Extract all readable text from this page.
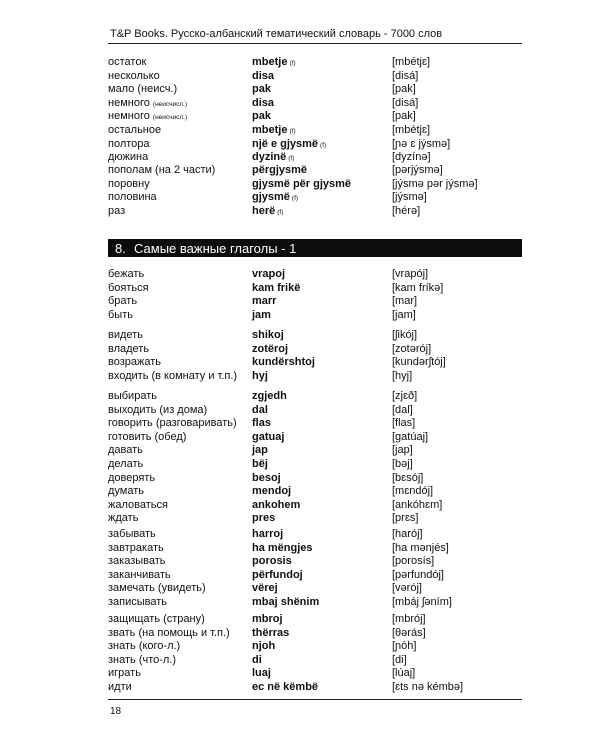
T&P Books. Русско-албанский тематический словарь - 7000 слов
остаток	mbetje (f)	[mbétjɛ]
несколько	disa	[disá]
мало (неисч.)	pak	[pak]
немного (неисчисл.)	disa	[disá]
немного (неисчисл.)	pak	[pak]
остальное	mbetje (f)	[mbétjɛ]
полтора	një e gjysmë (f)	[ɲə ɛ jýsmə]
дюжина	dyzinë (f)	[dyzínə]
пополам (на 2 части)	përgjysmë	[pərjýsmə]
поровну	gjysmë për gjysmë	[jýsmə pər jýsmə]
половина	gjysmë (f)	[jýsmə]
раз	herë (f)	[hérə]
8. Самые важные глаголы - 1
бежать	vrapoj	[vrapój]
бояться	kam frikë	[kam fríkə]
брать	marr	[mar]
быть	jam	[jam]
видеть	shikoj	[ʃikój]
владеть	zotëroj	[zotərój]
возражать	kundërshtoj	[kundərʃtój]
входить (в комнату и т.п.) hyj	[hyj]
выбирать	zgjedh	[zjɛð]
выходить (из дома)	dal	[dal]
говорить (разговаривать) flas	[flas]
готовить (обед)	gatuaj	[gatúaj]
давать	jap	[jap]
делать	bëj	[bəj]
доверять	besoj	[bɛsój]
думать	mendoj	[mɛndój]
жаловаться	ankohem	[ankóhɛm]
ждать	pres	[prɛs]
забывать	harroj	[harój]
завтракать	ha mëngjes	[ha mənjés]
заказывать	porosis	[porosís]
заканчивать	përfundoj	[pərfundój]
замечать (увидеть)	vërej	[vərój]
записывать	mbaj shënim	[mbáj ʃəním]
защищать (страну)	mbroj	[mbrój]
звать (на помощь и т.п.) thërras	[θərás]
знать (кого-л.)	njoh	[ɲóh]
знать (что-л.)	di	[di]
играть	luaj	[lúaj]
идти	ec në këmbë	[ɛts nə kémbə]
18
